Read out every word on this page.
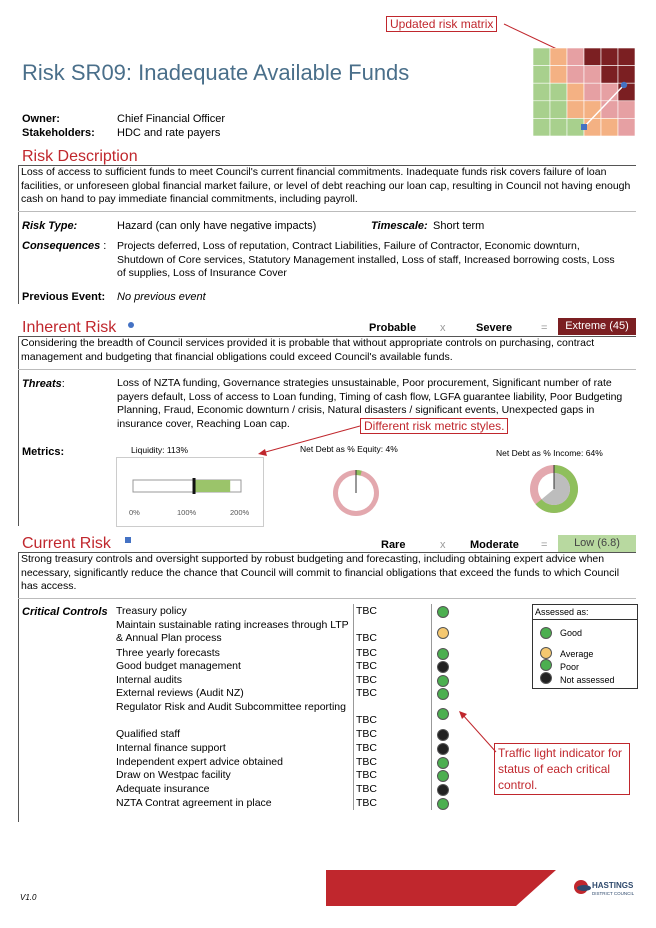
Risk SR09: Inadequate Available Funds
Updated risk matrix
Owner:	Chief Financial Officer
Stakeholders: HDC and rate payers
Risk Description
Loss of access to sufficient funds to meet Council's current financial commitments. Inadequate funds risk covers failure of loan facilities, or unforeseen global financial market failure, or level of debt reaching our loan cap, resulting in Council not having enough cash on hand to pay immediate financial commitments, including payroll.
Risk Type:	Hazard (can only have negative impacts)	Timescale: Short term
Consequences : Projects deferred, Loss of reputation, Contract Liabilities, Failure of Contractor, Economic downturn, Shutdown of Core services, Statutory Management installed, Loss of staff, Increased borrowing costs, Loss of supplies, Loss of Insurance Cover
Previous Event: No previous event
Inherent Risk	Probable x	Severe	=	Extreme (45)
Considering the breadth of Council services provided it is probable that without appropriate controls on purchasing, contract management and budgeting that financial obligations could exceed Council's available funds.
Threats:	Loss of NZTA funding, Governance strategies unsustainable, Poor procurement, Significant number of rate payers default, Loss of access to Loan funding, Timing of cash flow, LGFA guarantee liability, Poor Budgeting Planning, Fraud, Economic downturn / crisis, Natural disasters / significant events, Unexpected gaps in insurance cover, Reaching Loan cap.	Different risk metric styles.
Metrics:	Liquidity: 113%
0%	100%	200%
Net Debt as % Equity: 4%	Net Debt as % Income: 64%
Current Risk	Rare	x Moderate =	Low (6.8)
Strong treasury controls and oversight supported by robust budgeting and forecasting, including obtaining expert advice when necessary, significantly reduce the chance that Council will commit to financial obligations that exceed the funds to which Council has access.
Critical Controls Treasury policy	TBC
Maintain sustainable rating increases through LTP & Annual Plan process	TBC
Three yearly forecasts	TBC
Good budget management	TBC
Internal audits	TBC
External reviews (Audit NZ)	TBC
Regulator Risk and Audit Subcommittee reporting
TBC
Qualified staff	TBC
Internal finance support	TBC
Independent expert advice obtained	TBC
Draw on Westpac facility	TBC
Adequate insurance	TBC
NZTA Contrat agreement in place	TBC
Assessed as:
Good
Average
Poor
Not assessed
Traffic light indicator for status of each critical control.
V1.0
HASTINGS
DISTRICT COUNCIL
